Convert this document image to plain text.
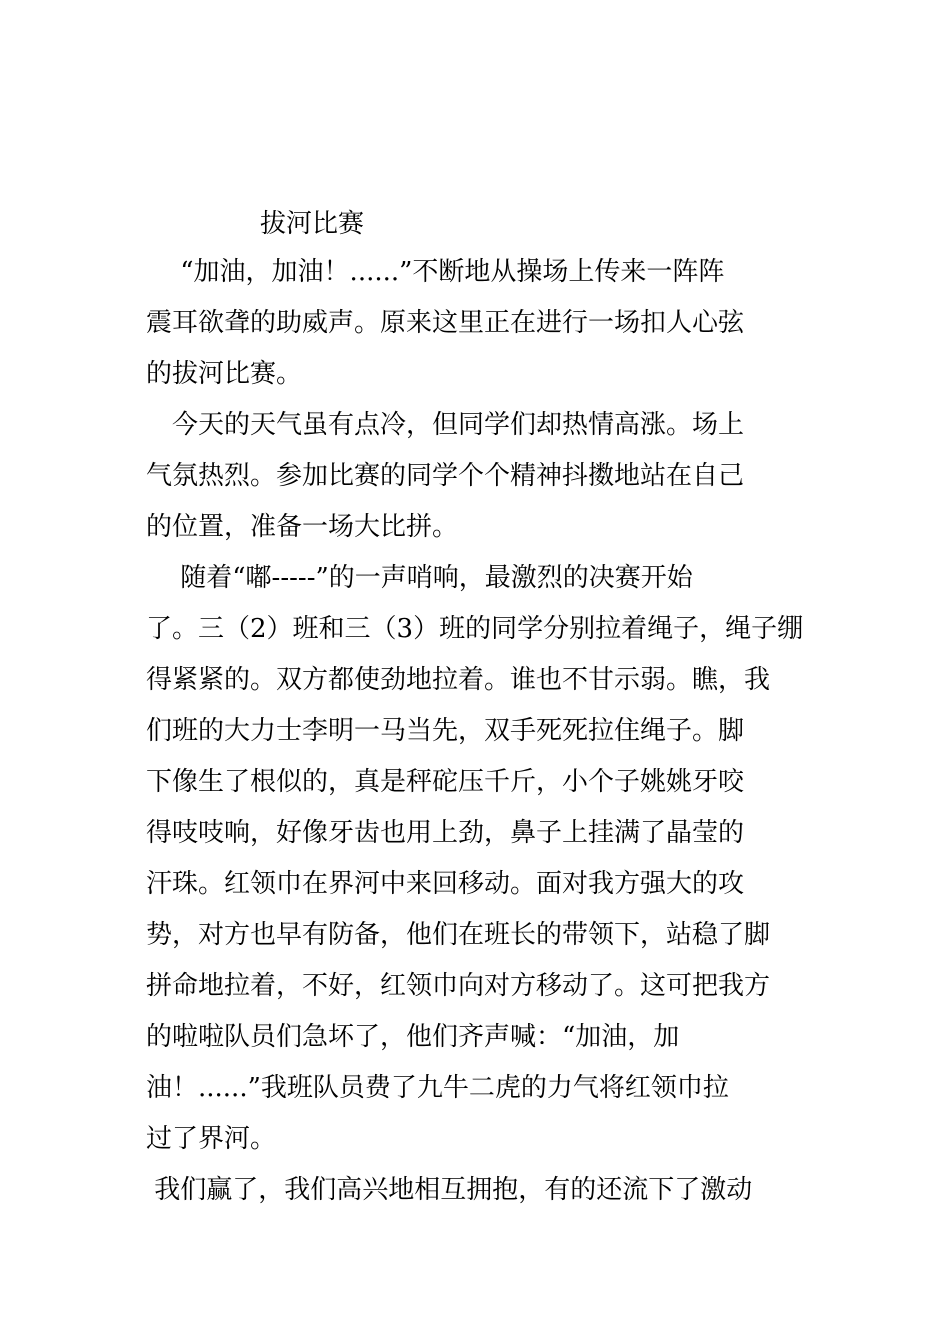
拔河比赛
　 “加油，加油！......”不断地从操场上传来一阵阵
震耳欲聋的助威声。原来这里正在进行一场扣人心弦
的拔河比赛。
　今天的天气虽有点冷，但同学们却热情高涨。场上
气氛热烈。参加比赛的同学个个精神抖擞地站在自己
的位置，准备一场大比拼。
　 随着“嘟-----”的一声哨响，最激烈的决赛开始
了。三（2）班和三（3）班的同学分别拉着绳子，绳子绷
得紧紧的。双方都使劲地拉着。谁也不甘示弱。瞧，我
们班的大力士李明一马当先，双手死死拉住绳子。脚
下像生了根似的，真是秤砣压千斤，小个子姚姚牙咬
得吱吱响，好像牙齿也用上劲，鼻子上挂满了晶莹的
汗珠。红领巾在界河中来回移动。面对我方强大的攻
势，对方也早有防备，他们在班长的带领下，站稳了脚
拼命地拉着，不好，红领巾向对方移动了。这可把我方
的啦啦队员们急坏了，他们齐声喊：“加油，加
油！......”我班队员费了九牛二虎的力气将红领巾拉
过了界河。
我们赢了，我们高兴地相互拥抱，有的还流下了激动
